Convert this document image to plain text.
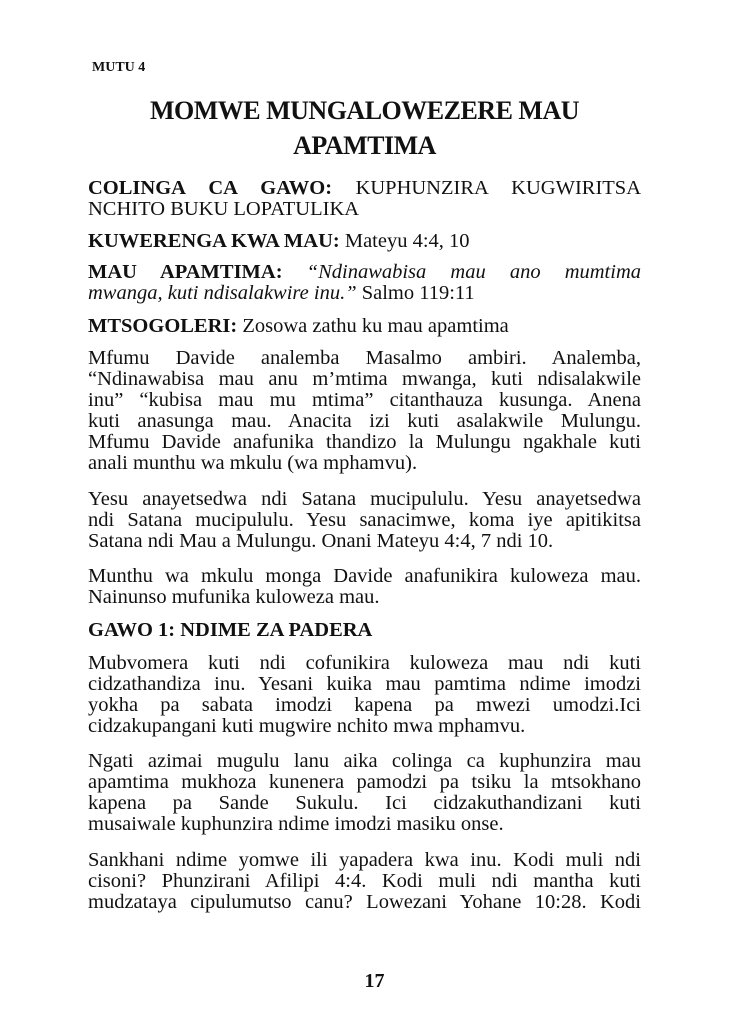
MUTU 4
MOMWE MUNGALOWEZERE MAU
APAMTIMA
COLINGA CA GAWO: KUPHUNZIRA KUGWIRITSA
NCHITO BUKU LOPATULIKA
KUWERENGA KWA MAU: Mateyu 4:4, 10
MAU APAMTIMA: “Ndinawabisa mau ano mumtima
mwanga, kuti ndisalakwire inu.” Salmo 119:11
MTSOGOLERI: Zosowa zathu ku mau apamtima
Mfumu Davide analemba Masalmo ambiri. Analemba,
“Ndinawabisa mau anu m’mtima mwanga, kuti ndisalakwile
inu” “kubisa mau mu mtima” citanthauza kusunga. Anena
kuti anasunga mau. Anacita izi kuti asalakwile Mulungu.
Mfumu Davide anafunika thandizo la Mulungu ngakhale kuti
anali munthu wa mkulu (wa mphamvu).
Yesu anayetsedwa ndi Satana mucipululu. Yesu anayetsedwa
ndi Satana mucipululu. Yesu sanacimwe, koma iye apitikitsa
Satana ndi Mau a Mulungu. Onani Mateyu 4:4, 7 ndi 10.
Munthu wa mkulu monga Davide anafunikira kuloweza mau.
Nainunso mufunika kuloweza mau.
GAWO 1: NDIME ZA PADERA
Mubvomera kuti ndi cofunikira kuloweza mau ndi kuti
cidzathandiza inu. Yesani kuika mau pamtima ndime imodzi
yokha pa sabata imodzi kapena pa mwezi umodzi.Ici
cidzakupangani kuti mugwire nchito mwa mphamvu.
Ngati azimai mugulu lanu aika colinga ca kuphunzira mau
apamtima mukhoza kunenera pamodzi pa tsiku la mtsokhano
kapena pa Sande Sukulu. Ici cidzakuthandizani kuti
musaiwale kuphunzira ndime imodzi masiku onse.
Sankhani ndime yomwe ili yapadera kwa inu. Kodi muli ndi
cisoni? Phunzirani Afilipi 4:4. Kodi muli ndi mantha kuti
mudzataya cipulumutso canu? Lowezani Yohane 10:28. Kodi
17
